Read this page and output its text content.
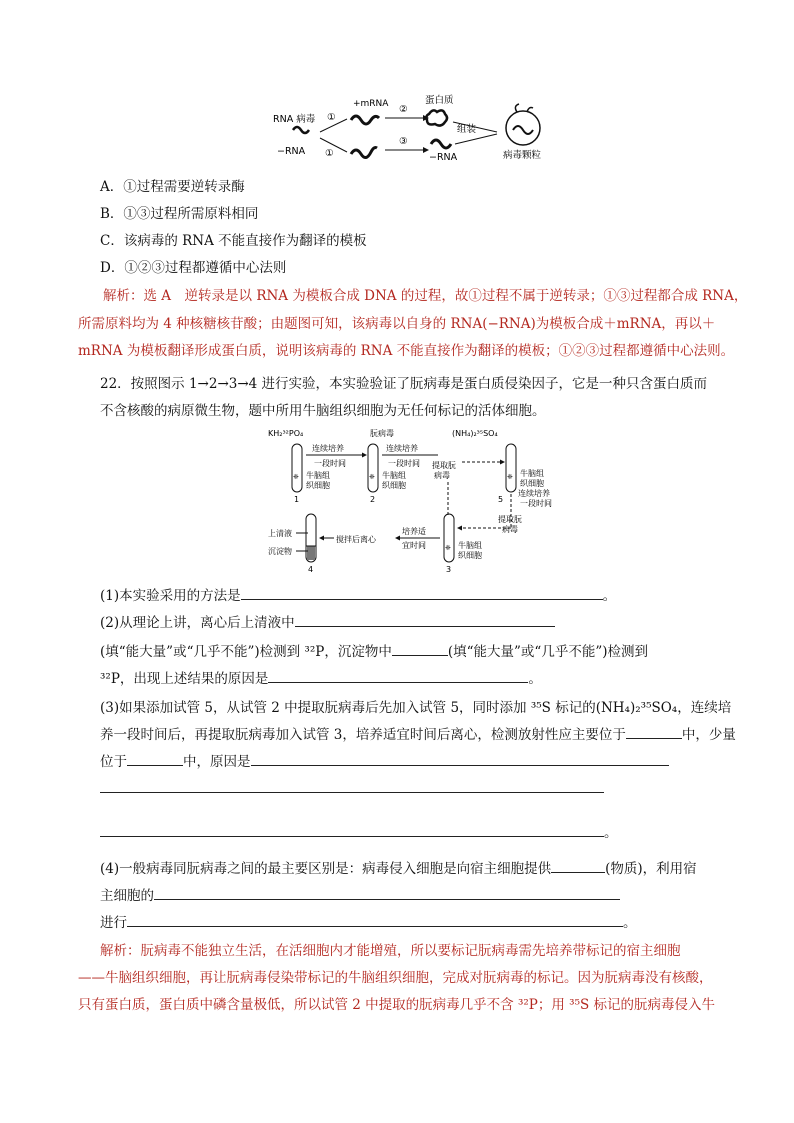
RNA 病毒
−RNA
①
①
+mRNA ②
③
蛋白质
组装
−RNA	病毒颗粒
A．①过程需要逆转录酶
B．①③过程所需原料相同
C．该病毒的 RNA 不能直接作为翻译的模板
D．①②③过程都遵循中心法则
解析：选 A　逆转录是以 RNA 为模板合成 DNA 的过程，故①过程不属于逆转录；①③过程都合成 RNA，
所需原料均为 4 种核糖核苷酸；由题图可知，该病毒以自身的 RNA(−RNA)为模板合成＋mRNA，再以＋
mRNA 为模板翻译形成蛋白质，说明该病毒的 RNA 不能直接作为翻译的模板；①②③过程都遵循中心法则。
22．按照图示 1→2→3→4 进行实验，本实验验证了朊病毒是蛋白质侵染因子，它是一种只含蛋白质而
不含核酸的病原微生物，题中所用牛脑组织细胞为无任何标记的活体细胞。
KH₂³²PO₄	朊病毒	(NH₄)₂³⁵SO₄
❈
1
牛脑组
织细胞
连续培养
一段时间
❈
2
牛脑组
织细胞
连续培养
一段时间 提取朊
病毒	❈
5
牛脑组
织细胞
连续培养
一段时间
提取朊
病毒
❈
3
牛脑组
织细胞
培养适
宜时间
搅拌后离心
上清液
沉淀物
4
(1)本实验采用的方法是	。
(2)从理论上讲，离心后上清液中
(填“能大量”或“几乎不能”)检测到 ³²P，沉淀物中	(填“能大量”或“几乎不能”)检测到
³²P，出现上述结果的原因是	。
(3)如果添加试管 5，从试管 2 中提取朊病毒后先加入试管 5，同时添加 ³⁵S 标记的(NH₄)₂³⁵SO₄，连续培
养一段时间后，再提取朊病毒加入试管 3，培养适宜时间后离心，检测放射性应主要位于	中，少量
位于	中，原因是
。
(4)一般病毒同朊病毒之间的最主要区别是：病毒侵入细胞是向宿主细胞提供	(物质)，利用宿
主细胞的
进行	。
解析：朊病毒不能独立生活，在活细胞内才能增殖，所以要标记朊病毒需先培养带标记的宿主细胞
——牛脑组织细胞，再让朊病毒侵染带标记的牛脑组织细胞，完成对朊病毒的标记。因为朊病毒没有核酸，
只有蛋白质，蛋白质中磷含量极低，所以试管 2 中提取的朊病毒几乎不含 ³²P；用 ³⁵S 标记的朊病毒侵入牛
